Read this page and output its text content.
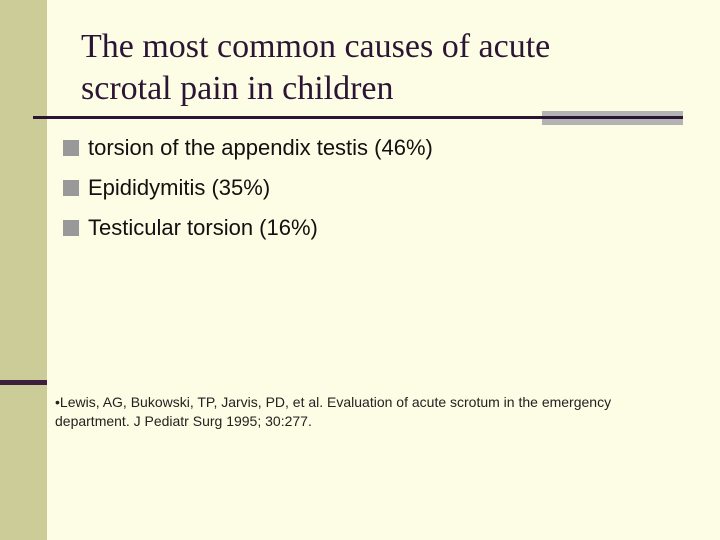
The most common causes of acute
scrotal pain in children
torsion of the appendix testis (46%)
Epididymitis (35%)
Testicular torsion (16%)
•Lewis, AG, Bukowski, TP, Jarvis, PD, et al. Evaluation of acute scrotum in the emergency
department. J Pediatr Surg 1995; 30:277.
